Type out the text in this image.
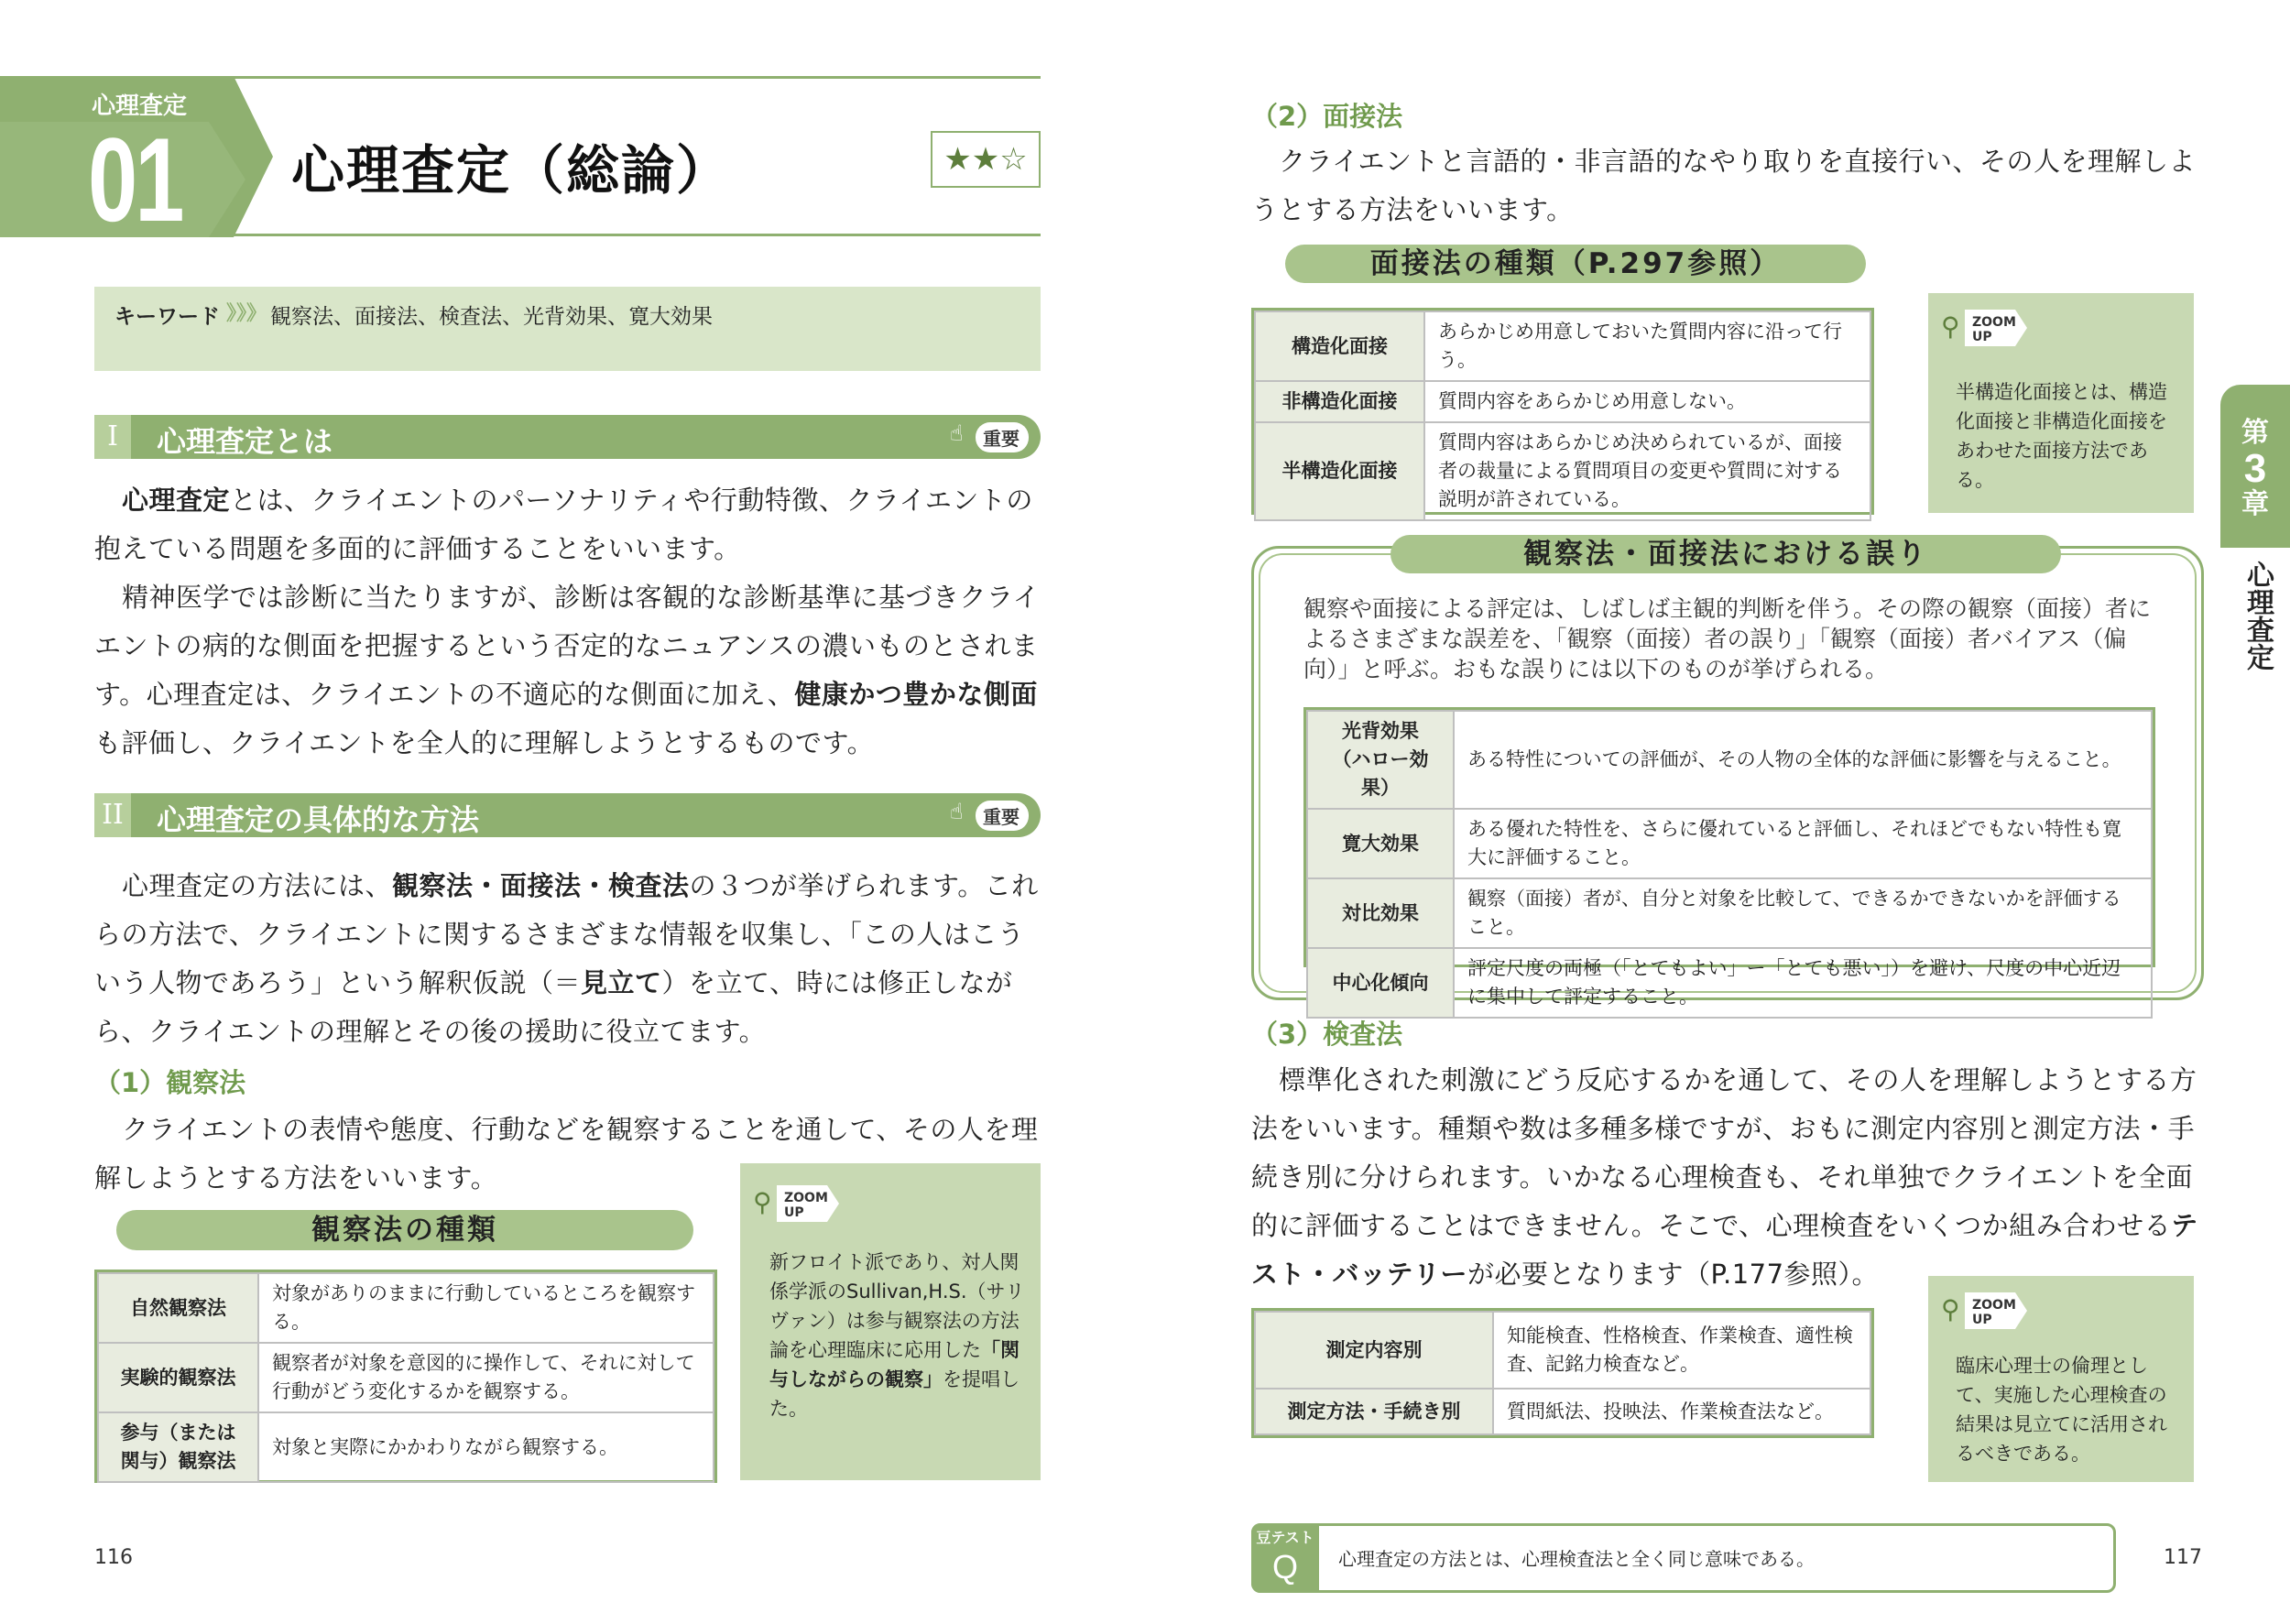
心理査定
01 心理査定（総論）	★★☆
キーワード 》》》 観察法、面接法、検査法、光背効果、寛大効果
I	心理査定とは	☝	重要
心理査定とは、クライエントのパーソナリティや行動特徴、クライエントの抱えている問題を多面的に評価することをいいます。
精神医学では診断に当たりますが、診断は客観的な診断基準に基づきクライエントの病的な側面を把握するという否定的なニュアンスの濃いものとされます。心理査定は、クライエントの不適応的な側面に加え、健康かつ豊かな側面も評価し、クライエントを全人的に理解しようとするものです。
II 心理査定の具体的な方法	☝	重要
心理査定の方法には、観察法・面接法・検査法の３つが挙げられます。これらの方法で、クライエントに関するさまざまな情報を収集し、「この人はこういう人物であろう」という解釈仮説（＝見立て）を立て、時には修正しながら、クライエントの理解とその後の援助に役立てます。
（1）観察法
クライエントの表情や態度、行動などを観察することを通して、その人を理解しようとする方法をいいます。
観察法の種類
自然観察法	対象がありのままに行動しているところを観察する。
実験的観察法	観察者が対象を意図的に操作して、それに対して行動がどう変化するかを観察する。
参与（または
関与）観察法	対象と実際にかかわりながら観察する。
⚲ ZOOM
UP
新フロイト派であり、対人関係学派のSullivan,H.S.（サリヴァン）は参与観察法の方法論を心理臨床に応用した「関与しながらの観察」を提唱した。
116
（2）面接法
クライエントと言語的・非言語的なやり取りを直接行い、その人を理解しようとする方法をいいます。
面接法の種類（P.297参照）
構造化面接	あらかじめ用意しておいた質問内容に沿って行う。
非構造化面接	質問内容をあらかじめ用意しない。
半構造化面接	質問内容はあらかじめ決められているが、面接者の裁量による質問項目の変更や質問に対する説明が許されている。
⚲ ZOOM
UP
半構造化面接とは、構造化面接と非構造化面接をあわせた面接方法である。
第
3
章
心理査定
観察法・面接法における誤り
観察や面接による評定は、しばしば主観的判断を伴う。その際の観察（面接）者によるさまざまな誤差を、「観察（面接）者の誤り」「観察（面接）者バイアス（偏向）」と呼ぶ。おもな誤りには以下のものが挙げられる。
光背効果
（ハロー効果）	ある特性についての評価が、その人物の全体的な評価に影響を与えること。
寛大効果	ある優れた特性を、さらに優れていると評価し、それほどでもない特性も寛大に評価すること。
対比効果	観察（面接）者が、自分と対象を比較して、できるかできないかを評価すること。
中心化傾向	評定尺度の両極（「とてもよい」ー「とても悪い」）を避け、尺度の中心近辺に集中して評定すること。
（3）検査法
標準化された刺激にどう反応するかを通して、その人を理解しようとする方法をいいます。種類や数は多種多様ですが、おもに測定内容別と測定方法・手続き別に分けられます。いかなる心理検査も、それ単独でクライエントを全面的に評価することはできません。そこで、心理検査をいくつか組み合わせるテスト・バッテリーが必要となります（P.177参照）。
測定内容別	知能検査、性格検査、作業検査、適性検査、記銘力検査など。
測定方法・手続き別	質問紙法、投映法、作業検査法など。
⚲ ZOOM
UP
臨床心理士の倫理として、実施した心理検査の結果は見立てに活用されるべきである。
豆テスト
Q	心理査定の方法とは、心理検査法と全く同じ意味である。	117
